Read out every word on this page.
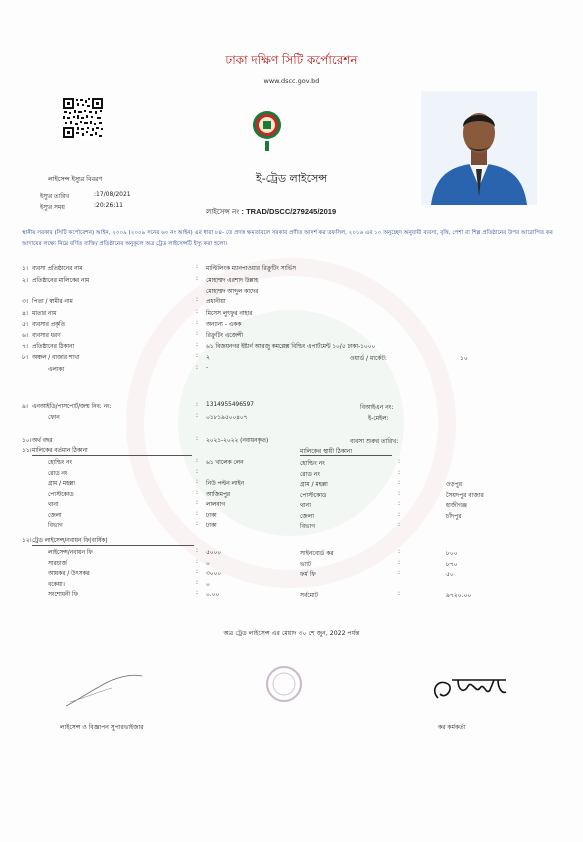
ঢাকা দক্ষিণ সিটি কর্পোরেশন
www.dscc.gov.bd
লাইসেন্স ইস্যুর বিবরণ
ইস্যুর তারিখ	:17/08/2021
ইস্যুর সময়	:20:26:11
ই-ট্রেড লাইসেন্স
লাইসেন্স নং : TRAD/DSCC/279245/2019
স্থানীয় সরকার (সিটি কর্পোরেশন) আইন, ২০০৯ (২০০৯ সনের ৬০ নং আইন) এর ধারা ৮৪- তে প্রদত্ত ক্ষমতাবলে সরকার প্রণীত আদর্শ কর তফসিল, ২০১৬ এর ১০ অনুচ্ছেদ অনুযায়ী ব্যবসা, বৃত্তি, পেশা বা শিল্প প্রতিষ্ঠানের উপর আরোপিত কর আদায়ের লক্ষ্যে নিম্নে বর্ণিত ব্যক্তি/ প্রতিষ্ঠানের অনুকূলে অত্র ট্রেড লাইসেন্সটি ইস্যু করা হলো।
৮। অঞ্চল / বাজার শাখা	: ২	ওয়ার্ড / মার্কেট:	১০
এলাকা	: -
৯। এনআইডি/পাসপোর্ট/জন্ম নিব: নং:	: 1314955496597	বিআইএন নং:
ফোন	: ০১৮১৯৫০০৪০৭	ই-মেইল:
১০। অর্থ বছর	: ২০২১-২০২২ (নবায়নকৃত)	ব্যবসা শুরুর তারিখ:
১১। মালিকের বর্তমান ঠিকানা	মালিকের স্থায়ী ঠিকানা
১২। ট্রেড লাইসেন্স/নবায়ন ফি(বার্ষিক)
অত্র ট্রেড লাইসেন্স এর মেয়াদ ৩০ শে জুন, 2022 পর্যন্ত
লাইসেন্স ও বিজ্ঞাপন সুপারভাইজার	কর কর্মকর্তা
১। ব্যবসা প্রতিষ্ঠানের নাম	: মাল্টিলিংক ম্যানপাওয়ার রিক্রুটিং সার্ভিস
২। প্রতিষ্ঠানের মালিকের নাম	: মোহাম্মদ এরশাদ উল্লাহ
মোহাম্মদ আব্দুল কাদের
৩। পিতা / স্বামীর নাম	: প্রধানীয়া
৪। মাতার নাম	: মিসেস লুৎফুর নাহার
৫। ব্যবসার প্রকৃতি	: অন্যান্য - একক
৬। ব্যবসার ধরণ	: রিক্রুটিং এজেন্সী
৭। প্রতিষ্ঠানের ঠিকানা	: ৬১ বিজয়নগর ইষ্টার্ন আরজু কমপ্লেক্স বিল্ডিং এপার্টমেন্ট ১০/৫ ঢাকা-১০০০
হোল্ডিং নং	: ৬১ খালেক লেন	হোল্ডিং নং	:
রোড নং	:	রোড নং	:
গ্রাম / মহল্লা	: নিউ পল্টন লাইন	গ্রাম / মহল্লা	:	ওড়পুর
পোস্টকোড	: আজিমপুর	পোস্টকোড	:	সৈয়দপুর বাজার
থানা	: লালবাগ	থানা	:	হাজীগঞ্জ
জেলা	: ঢাকা	জেলা	:	চাঁদপুর
বিভাগ	: ঢাকা	বিভাগ	:
লাইসেন্স/নবায়ন ফি	: ৫০০০	সাইনবোর্ড কর	:	৮০০
সারচার্জ	: ০	ভ্যাট	:	৮৭০
আয়কর / উৎসকর	: ৩০০০	ফর্ম ফি	:	৫০
বকেয়া।	: ০
সংশোধনী ফি	: ০.০০	সর্বমোট	:	৯৭২০.০০
